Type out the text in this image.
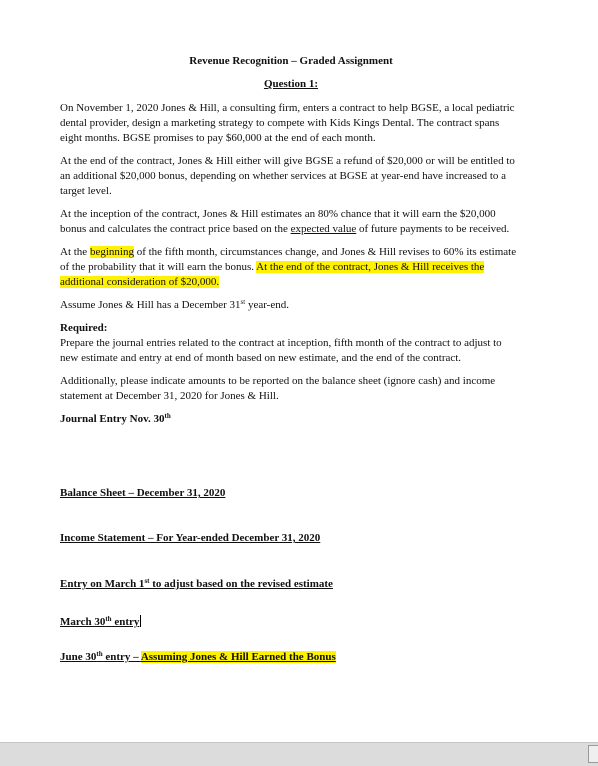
Revenue Recognition – Graded Assignment
Question 1:

On November 1, 2020 Jones & Hill, a consulting firm, enters a contract to help BGSE, a local pediatric dental provider, design a marketing strategy to compete with Kids Kings Dental. The contract spans eight months. BGSE promises to pay $60,000 at the end of each month.

At the end of the contract, Jones & Hill either will give BGSE a refund of $20,000 or will be entitled to an additional $20,000 bonus, depending on whether services at BGSE at year-end have increased to a target level.

At the inception of the contract, Jones & Hill estimates an 80% chance that it will earn the $20,000 bonus and calculates the contract price based on the expected value of future payments to be received.

At the beginning of the fifth month, circumstances change, and Jones & Hill revises to 60% its estimate of the probability that it will earn the bonus. At the end of the contract, Jones & Hill receives the additional consideration of $20,000.

Assume Jones & Hill has a December 31st year-end.

Required:

Prepare the journal entries related to the contract at inception, fifth month of the contract to adjust to new estimate and entry at end of month based on new estimate, and the end of the contract.

Additionally, please indicate amounts to be reported on the balance sheet (ignore cash) and income statement at December 31, 2020 for Jones & Hill.

Journal Entry Nov. 30th
Balance Sheet – December 31, 2020
Income Statement – For Year-ended December 31, 2020
Entry on March 1st to adjust based on the revised estimate
March 30th entry
June 30th entry – Assuming Jones & Hill Earned the Bonus
